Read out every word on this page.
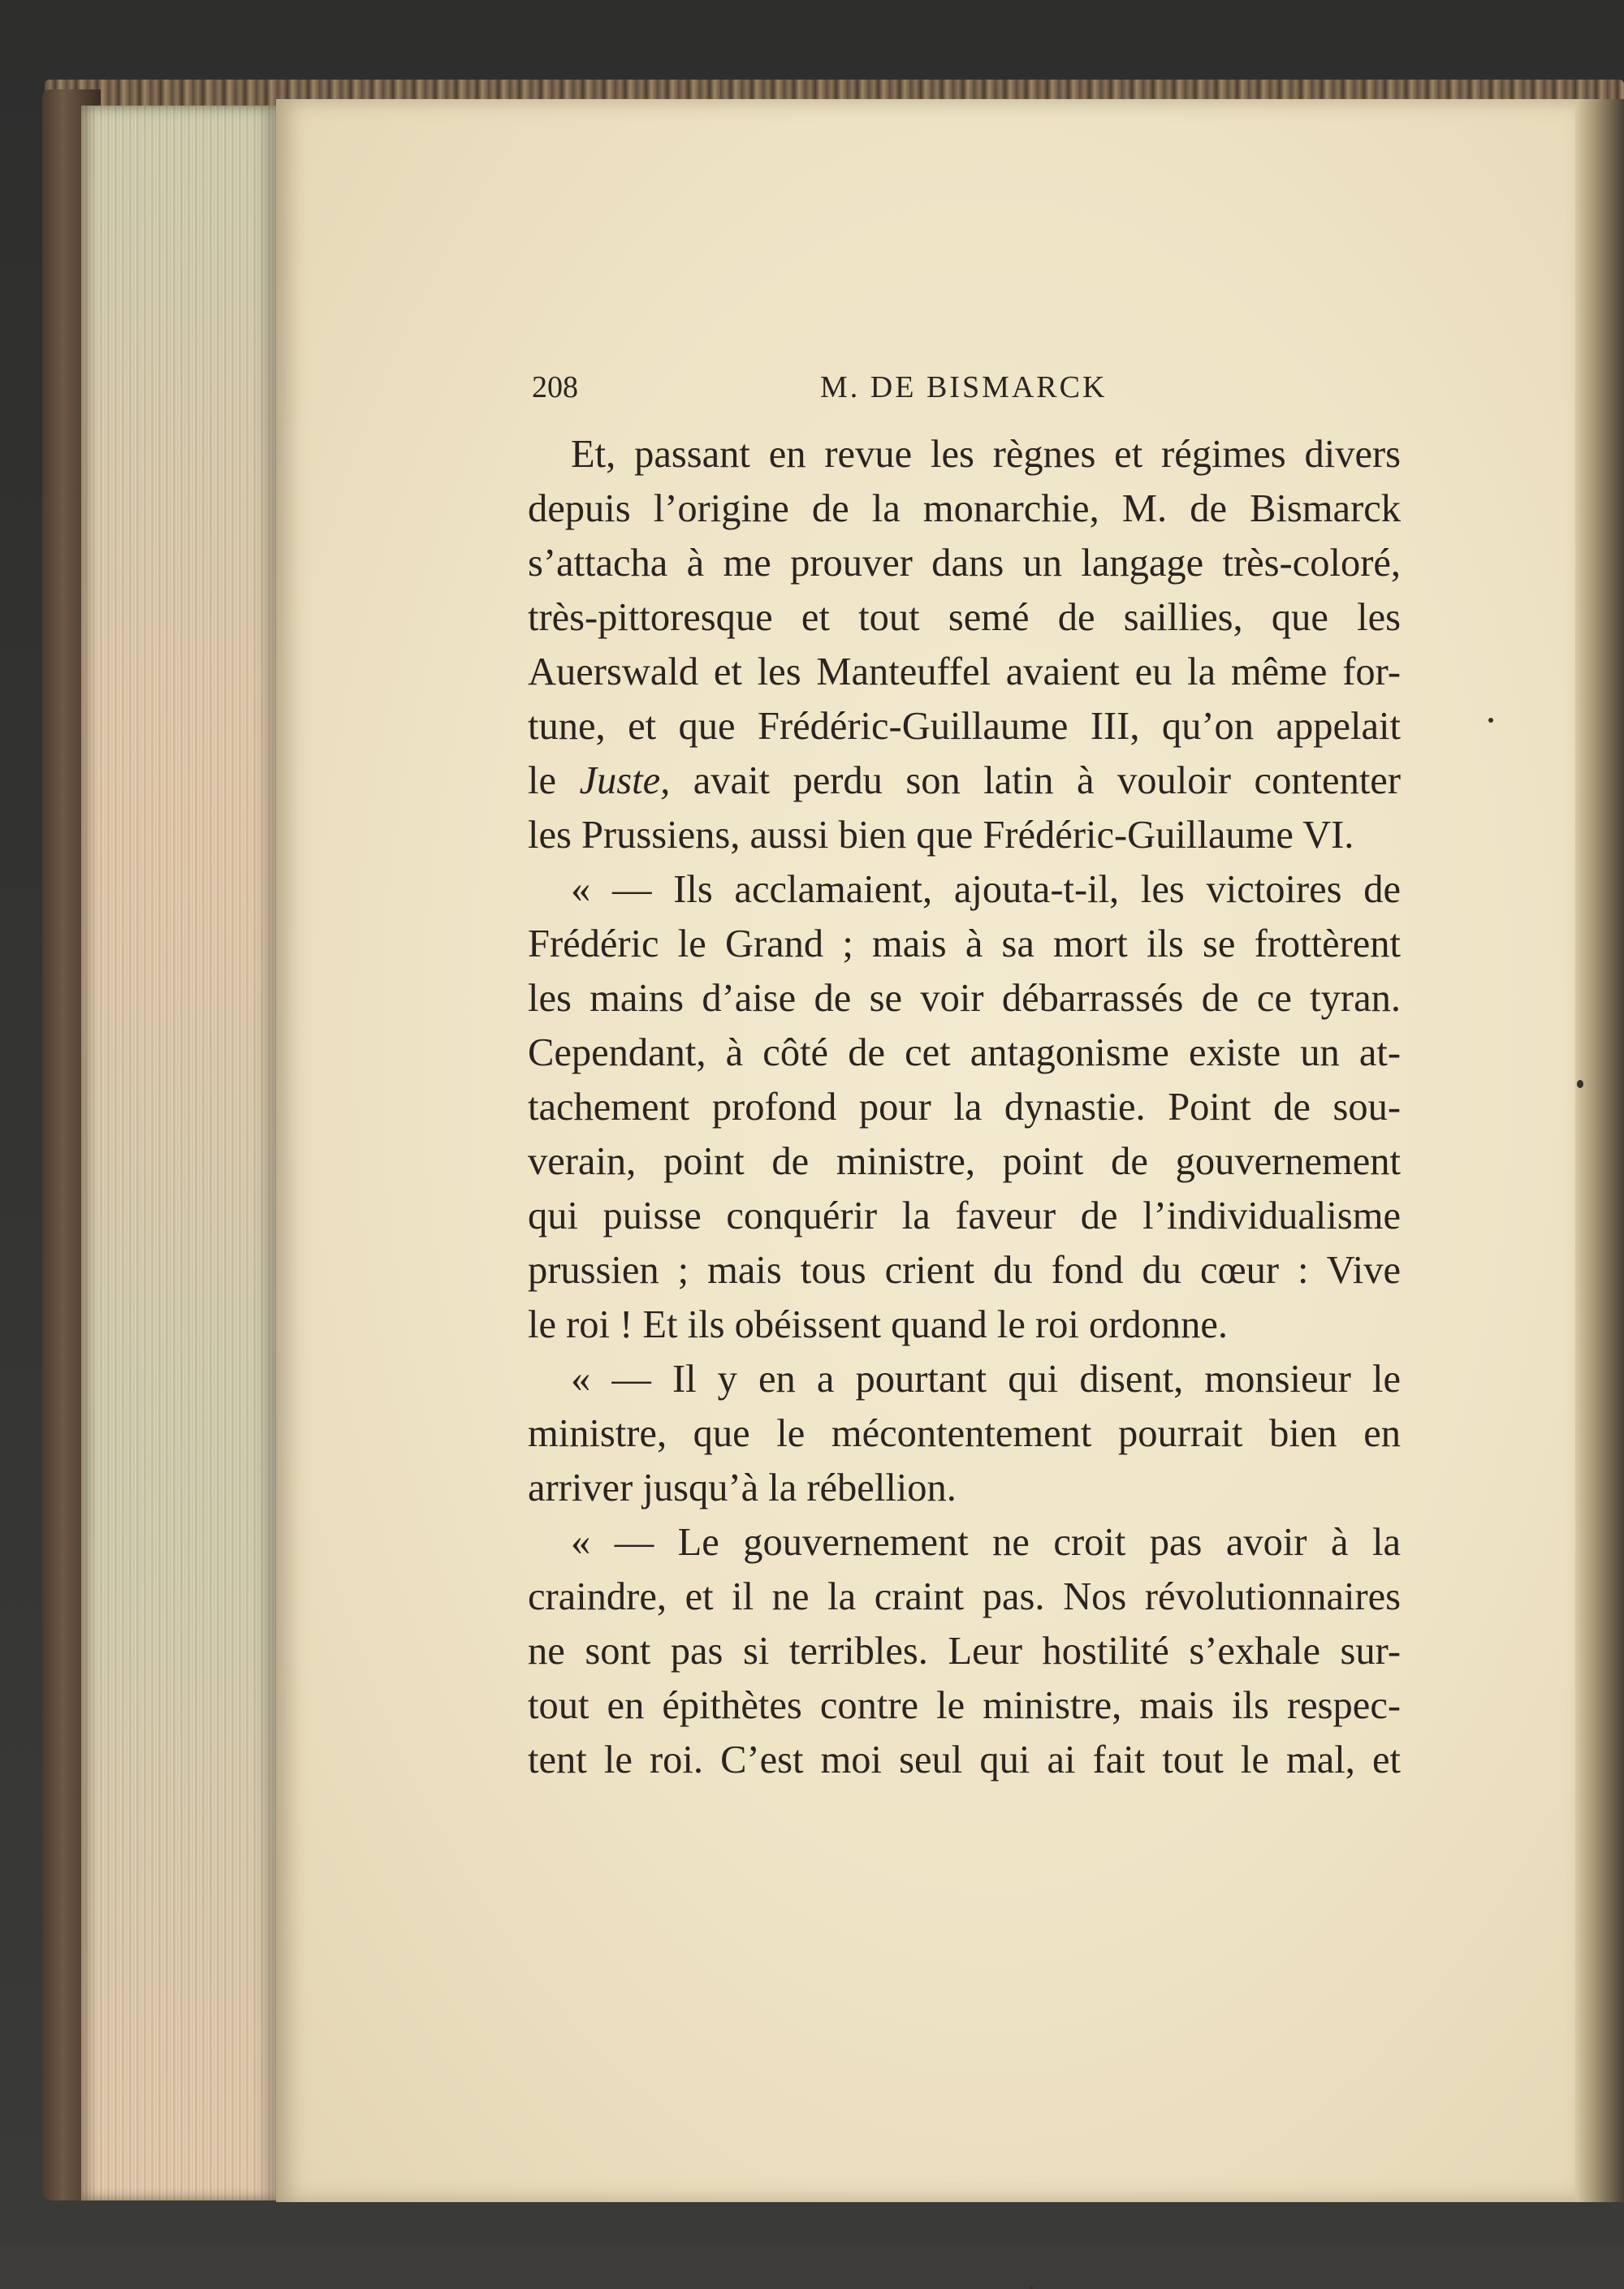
208	M. DE BISMARCK
Et, passant en revue les règnes et régimes divers
depuis l’origine de la monarchie, M. de Bismarck
s’attacha à me prouver dans un langage très-coloré,
très-pittoresque et tout semé de saillies, que les
Auerswald et les Manteuffel avaient eu la même for-
tune, et que Frédéric-Guillaume III, qu’on appelait
le Juste, avait perdu son latin à vouloir contenter
les Prussiens, aussi bien que Frédéric-Guillaume VI.
« — Ils acclamaient, ajouta-t-il, les victoires de
Frédéric le Grand ; mais à sa mort ils se frottèrent
les mains d’aise de se voir débarrassés de ce tyran.
Cependant, à côté de cet antagonisme existe un at-
tachement profond pour la dynastie. Point de sou-
verain, point de ministre, point de gouvernement
qui puisse conquérir la faveur de l’individualisme
prussien ; mais tous crient du fond du cœur : Vive
le roi ! Et ils obéissent quand le roi ordonne.
« — Il y en a pourtant qui disent, monsieur le
ministre, que le mécontentement pourrait bien en
arriver jusqu’à la rébellion.
« — Le gouvernement ne croit pas avoir à la
craindre, et il ne la craint pas. Nos révolutionnaires
ne sont pas si terribles. Leur hostilité s’exhale sur-
tout en épithètes contre le ministre, mais ils respec-
tent le roi. C’est moi seul qui ai fait tout le mal, et
